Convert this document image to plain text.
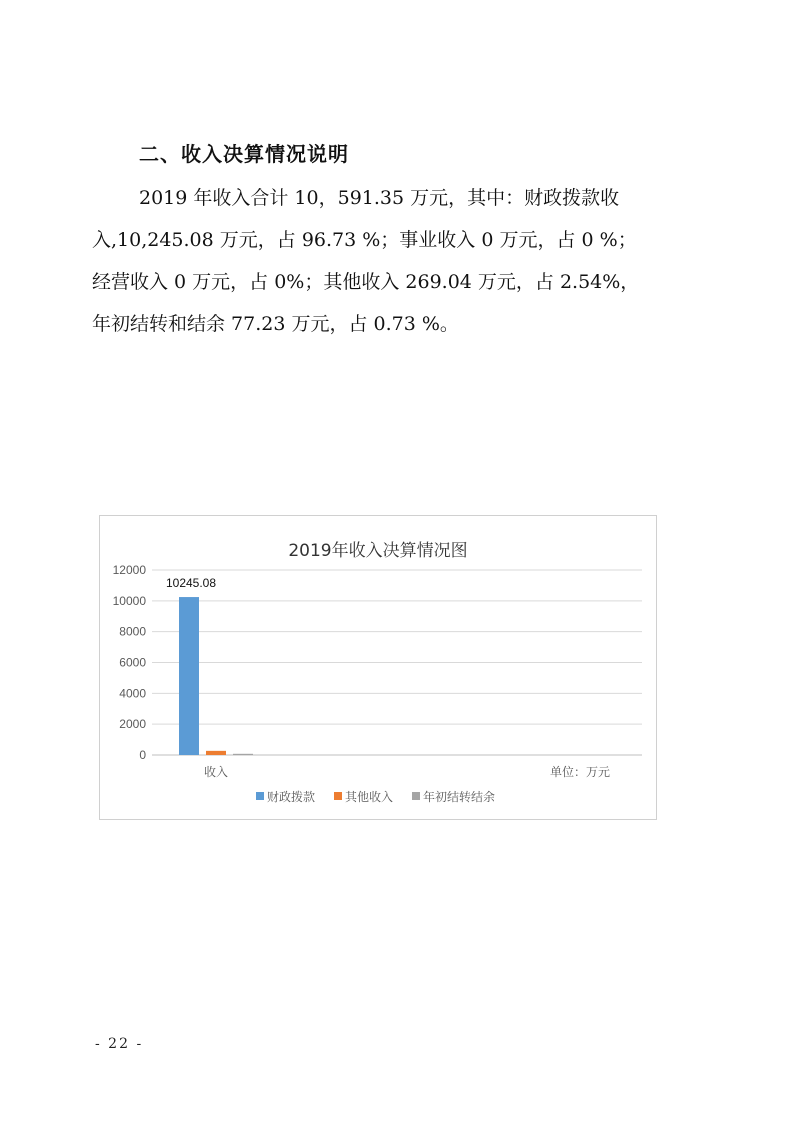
二、收入决算情况说明
2019 年收入合计 10，591.35 万元，其中：财政拨款收
入,10,245.08 万元，占 96.73 %；事业收入 0 万元，占 0 %；
经营收入 0 万元，占 0%；其他收入 269.04 万元，占 2.54%，
年初结转和结余 77.23 万元，占 0.73 %。
2019年收入决算情况图
0
2000
4000
6000
8000
10000
12000
10245.08
收入	单位：万元
财政拨款 其他收入 年初结转结余
- 22 -
